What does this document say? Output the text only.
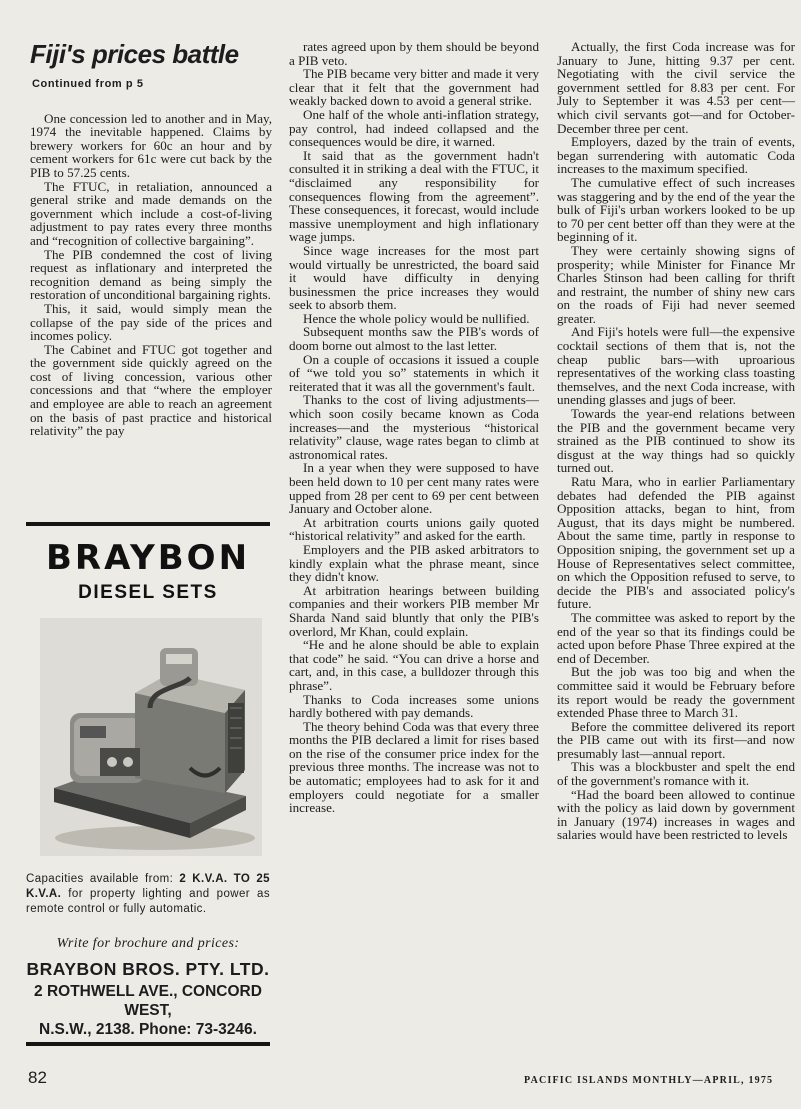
Fiji's prices battle
Continued from p 5

One concession led to another and in May, 1974 the inevitable happened. Claims by brewery workers for 60c an hour and by cement workers for 61c were cut back by the PIB to 57.25 cents.

The FTUC, in retaliation, announced a general strike and made demands on the government which include a cost-of-living adjustment to pay rates every three months and “recognition of collective bargaining”.

The PIB condemned the cost of living request as inflationary and interpreted the recognition demand as being simply the restoration of unconditional bargaining rights.

This, it said, would simply mean the collapse of the pay side of the prices and incomes policy.

The Cabinet and FTUC got together and the government side quickly agreed on the cost of living concession, various other concessions and that “where the employer and employee are able to reach an agreement on the basis of past practice and historical relativity” the pay

rates agreed upon by them should be beyond a PIB veto.

The PIB became very bitter and made it very clear that it felt that the government had weakly backed down to avoid a general strike.

One half of the whole anti-inflation strategy, pay control, had indeed collapsed and the consequences would be dire, it warned.

It said that as the government hadn't consulted it in striking a deal with the FTUC, it “disclaimed any responsibility for consequences flowing from the agreement”. These consequences, it forecast, would include massive unemployment and high inflationary wage jumps.

Since wage increases for the most part would virtually be unrestricted, the board said it would have difficulty in denying businessmen the price increases they would seek to absorb them.

Hence the whole policy would be nullified.

Subsequent months saw the PIB's words of doom borne out almost to the last letter.

On a couple of occasions it issued a couple of “we told you so” statements in which it reiterated that it was all the government's fault.

Thanks to the cost of living adjustments—which soon cosily became known as Coda increases—and the mysterious “historical relativity” clause, wage rates began to climb at astronomical rates.

In a year when they were supposed to have been held down to 10 per cent many rates were upped from 28 per cent to 69 per cent between January and October alone.

At arbitration courts unions gaily quoted “historical relativity” and asked for the earth.

Employers and the PIB asked arbitrators to kindly explain what the phrase meant, since they didn't know.

At arbitration hearings between building companies and their workers PIB member Mr Sharda Nand said bluntly that only the PIB's overlord, Mr Khan, could explain.

“He and he alone should be able to explain that code” he said. “You can drive a horse and cart, and, in this case, a bulldozer through this phrase”.

Thanks to Coda increases some unions hardly bothered with pay demands.

The theory behind Coda was that every three months the PIB declared a limit for rises based on the rise of the consumer price index for the previous three months. The increase was not to be automatic; employees had to ask for it and employers could negotiate for a smaller increase.

Actually, the first Coda increase was for January to June, hitting 9.37 per cent. Negotiating with the civil service the government settled for 8.83 per cent. For July to September it was 4.53 per cent—which civil servants got—and for October-December three per cent.

Employers, dazed by the train of events, began surrendering with automatic Coda increases to the maximum specified.

The cumulative effect of such increases was staggering and by the end of the year the bulk of Fiji's urban workers looked to be up to 70 per cent better off than they were at the beginning of it.

They were certainly showing signs of prosperity; while Minister for Finance Mr Charles Stinson had been calling for thrift and restraint, the number of shiny new cars on the roads of Fiji had never seemed greater.

And Fiji's hotels were full—the expensive cocktail sections of them that is, not the cheap public bars—with uproarious representatives of the working class toasting themselves, and the next Coda increase, with unending glasses and jugs of beer.

Towards the year-end relations between the PIB and the government became very strained as the PIB continued to show its disgust at the way things had so quickly turned out.

Ratu Mara, who in earlier Parliamentary debates had defended the PIB against Opposition attacks, began to hint, from August, that its days might be numbered. About the same time, partly in response to Opposition sniping, the government set up a House of Representatives select committee, on which the Opposition refused to serve, to decide the PIB's and associated policy's future.

The committee was asked to report by the end of the year so that its findings could be acted upon before Phase Three expired at the end of December.

But the job was too big and when the committee said it would be February before its report would be ready the government extended Phase three to March 31.

Before the committee delivered its report the PIB came out with its first—and now presumably last—annual report.

This was a blockbuster and spelt the end of the government's romance with it.

“Had the board been allowed to continue with the policy as laid down by government in January (1974) increases in wages and salaries would have been restricted to levels

BRAYBON
DIESEL SETS
Capacities available from: 2 K.V.A. TO 25 K.V.A. for property lighting and power as remote control or fully automatic.
Write for brochure and prices:
BRAYBON BROS. PTY. LTD.
2 ROTHWELL AVE., CONCORD WEST,
N.S.W., 2138. Phone: 73-3246.
82	PACIFIC ISLANDS MONTHLY—APRIL, 1975
